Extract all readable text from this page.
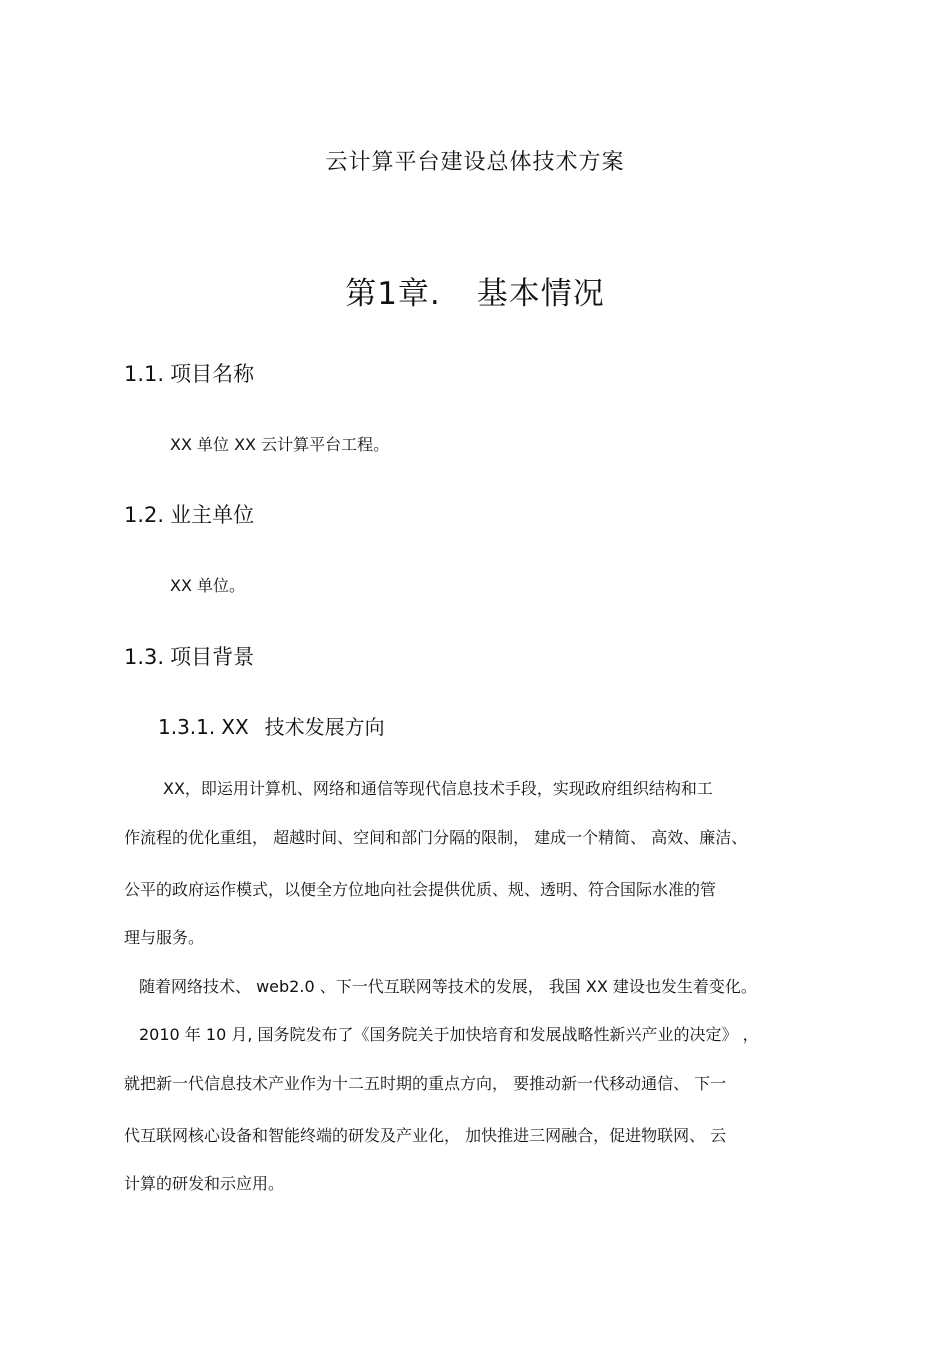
云计算平台建设总体技术方案
第1章. 基本情况
1.1. 项目名称
XX 单位 XX 云计算平台工程。
1.2. 业主单位
XX 单位。
1.3. 项目背景
1.3.1. XX 技术发展方向
XX，即运用计算机、网络和通信等现代信息技术手段，实现政府组织结构和工
作流程的优化重组， 超越时间、空间和部门分隔的限制， 建成一个精简、 高效、廉洁、
公平的政府运作模式，以便全方位地向社会提供优质、规、透明、符合国际水准的管
理与服务。
随着网络技术、 web2.0 、下一代互联网等技术的发展， 我国 XX 建设也发生着变化。
2010 年 10 月, 国务院发布了《国务院关于加快培育和发展战略性新兴产业的决定》 ，
就把新一代信息技术产业作为十二五时期的重点方向， 要推动新一代移动通信、 下一
代互联网核心设备和智能终端的研发及产业化， 加快推进三网融合，促进物联网、 云
计算的研发和示应用。
